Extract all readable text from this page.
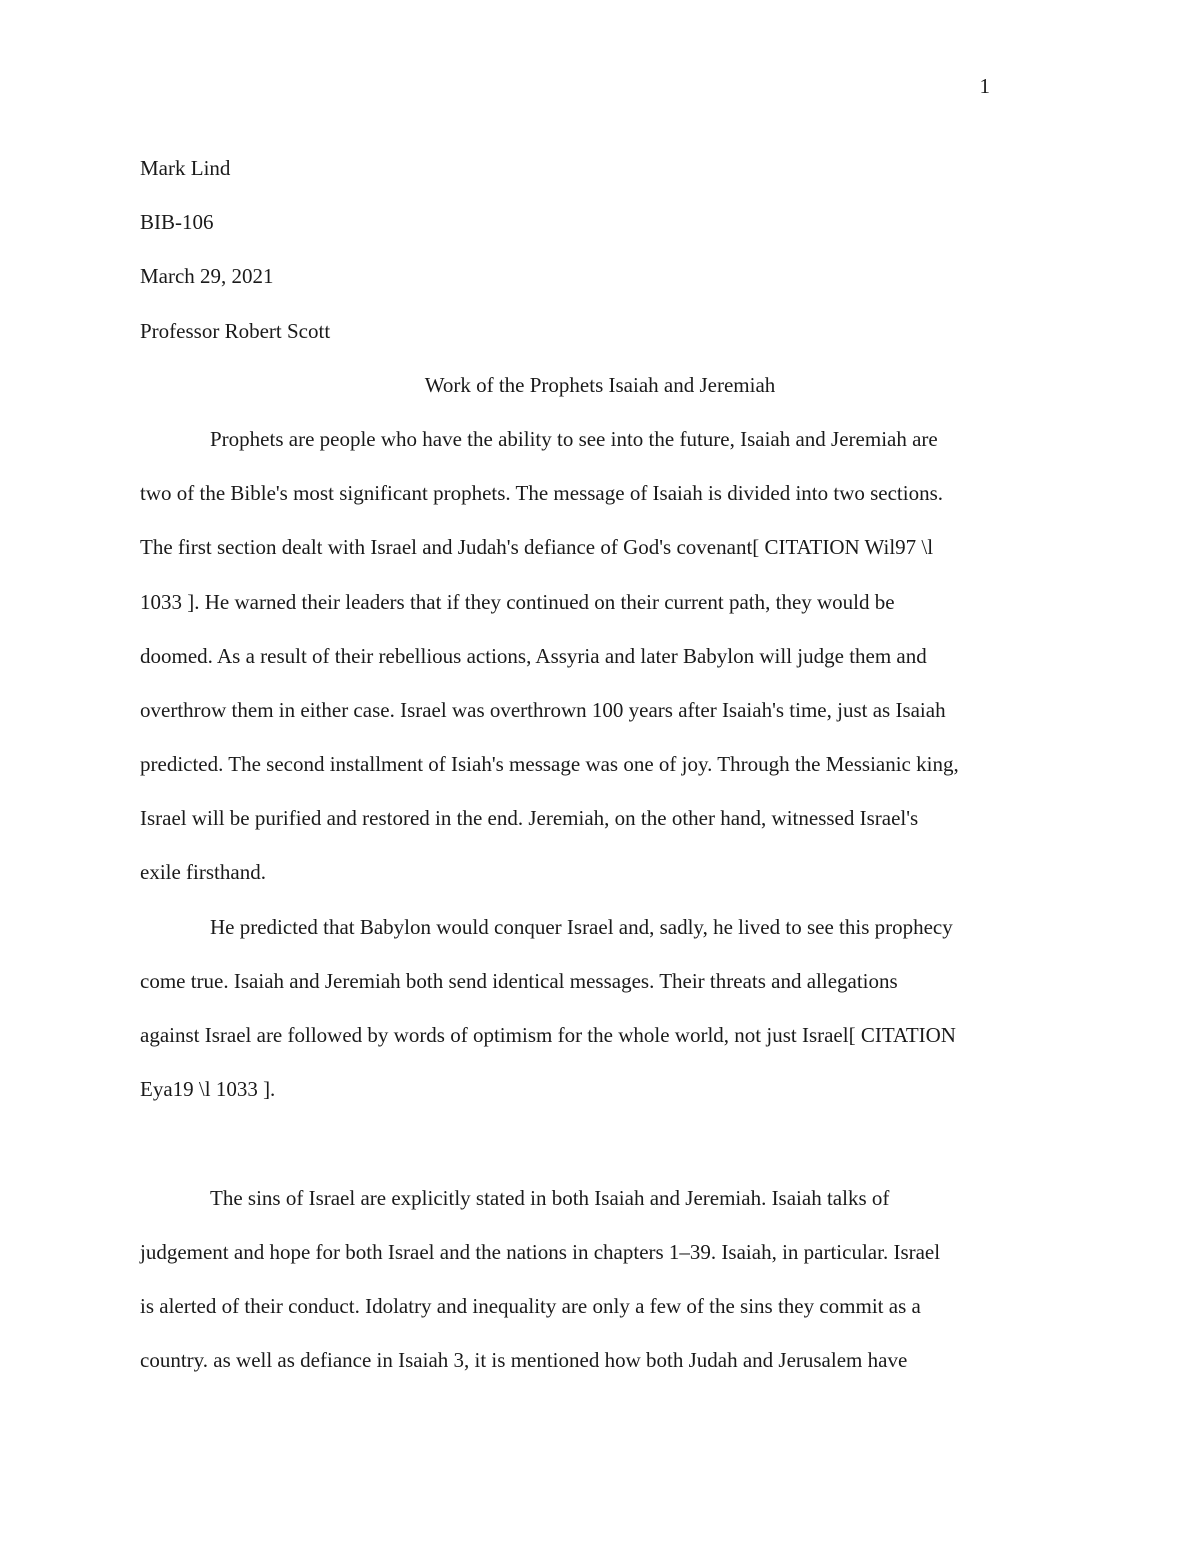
1
Mark Lind
BIB-106
March 29, 2021
Professor Robert Scott
Work of the Prophets Isaiah and Jeremiah
Prophets are people who have the ability to see into the future, Isaiah and Jeremiah are
two of the Bible's most significant prophets. The message of Isaiah is divided into two sections.
The first section dealt with Israel and Judah's defiance of God's covenant[ CITATION Wil97 \l
1033 ]. He warned their leaders that if they continued on their current path, they would be
doomed. As a result of their rebellious actions, Assyria and later Babylon will judge them and
overthrow them in either case. Israel was overthrown 100 years after Isaiah's time, just as Isaiah
predicted. The second installment of Isiah's message was one of joy. Through the Messianic king,
Israel will be purified and restored in the end. Jeremiah, on the other hand, witnessed Israel's
exile firsthand.
He predicted that Babylon would conquer Israel and, sadly, he lived to see this prophecy
come true. Isaiah and Jeremiah both send identical messages. Their threats and allegations
against Israel are followed by words of optimism for the whole world, not just Israel[ CITATION
Eya19 \l 1033 ].
The sins of Israel are explicitly stated in both Isaiah and Jeremiah. Isaiah talks of
judgement and hope for both Israel and the nations in chapters 1–39. Isaiah, in particular. Israel
is alerted of their conduct. Idolatry and inequality are only a few of the sins they commit as a
country. as well as defiance in Isaiah 3, it is mentioned how both Judah and Jerusalem have
